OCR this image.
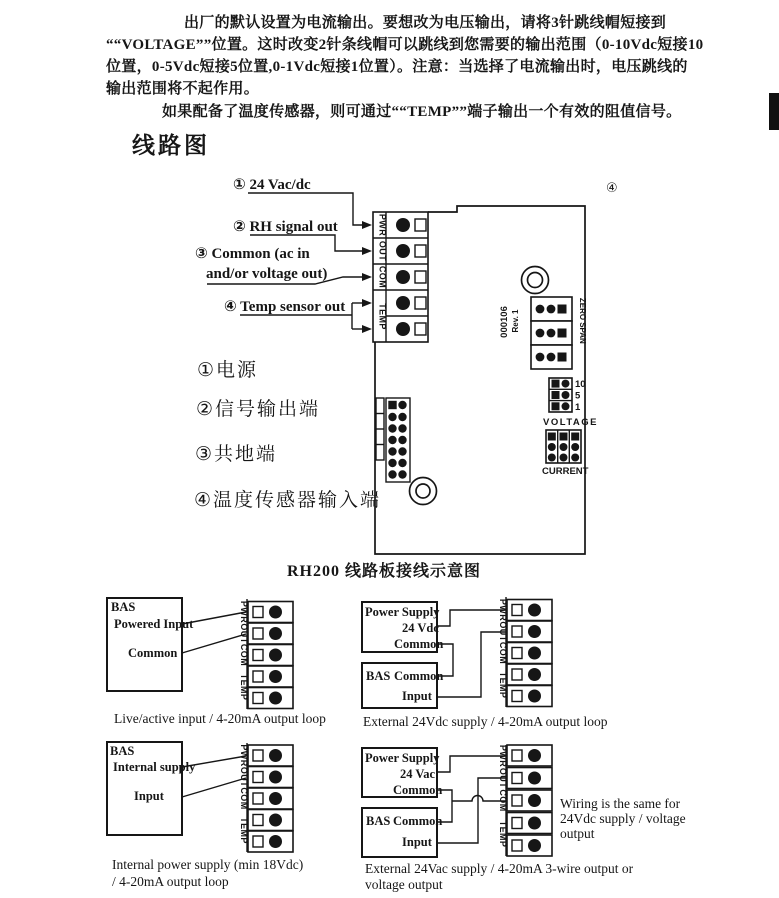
出厂的默认设置为电流输出。要想改为电压输出，请将3针跳线帽短接到
““VOLTAGE””位置。这时改变2针条线帽可以跳线到您需要的输出范围（0-10Vdc短接10
位置，0-5Vdc短接5位置,0-1Vdc短接1位置）。注意：当选择了电流输出时，电压跳线的
输出范围将不起作用。
如果配备了温度传感器，则可通过““TEMP””端子输出一个有效的阻值信号。
线路图
RH200 线路板接线示意图
PWR
OUT
COM
TEMP
① 24 Vac/dc
② RH signal out
③ Common (ac in
and/or voltage out)
④ Temp sensor out
①电源
②信号输出端
③共地端
④温度传感器输入端
④
000106 Rev. 1
ZERO
SPAN
10
5
1
VOLTAGE
CURRENT
BAS
Powered Input
Common
PWR
OUT
COM
TEMP
Live/active input / 4-20mA output loop
Power Supply
24 Vdc
Common
BAS Common
Input
PWR
OUT
COM
TEMP
External 24Vdc supply / 4-20mA output loop
BAS
Internal supply
Input
PWR
OUT
COM
TEMP
Internal power supply (min 18Vdc)
/ 4-20mA output loop
Power Supply
24 Vac
Common
BAS Common
Input
PWR
OUT
COM
TEMP
Wiring is the same for
24Vdc supply / voltage
output
External 24Vac supply / 4-20mA 3-wire output or
voltage output
